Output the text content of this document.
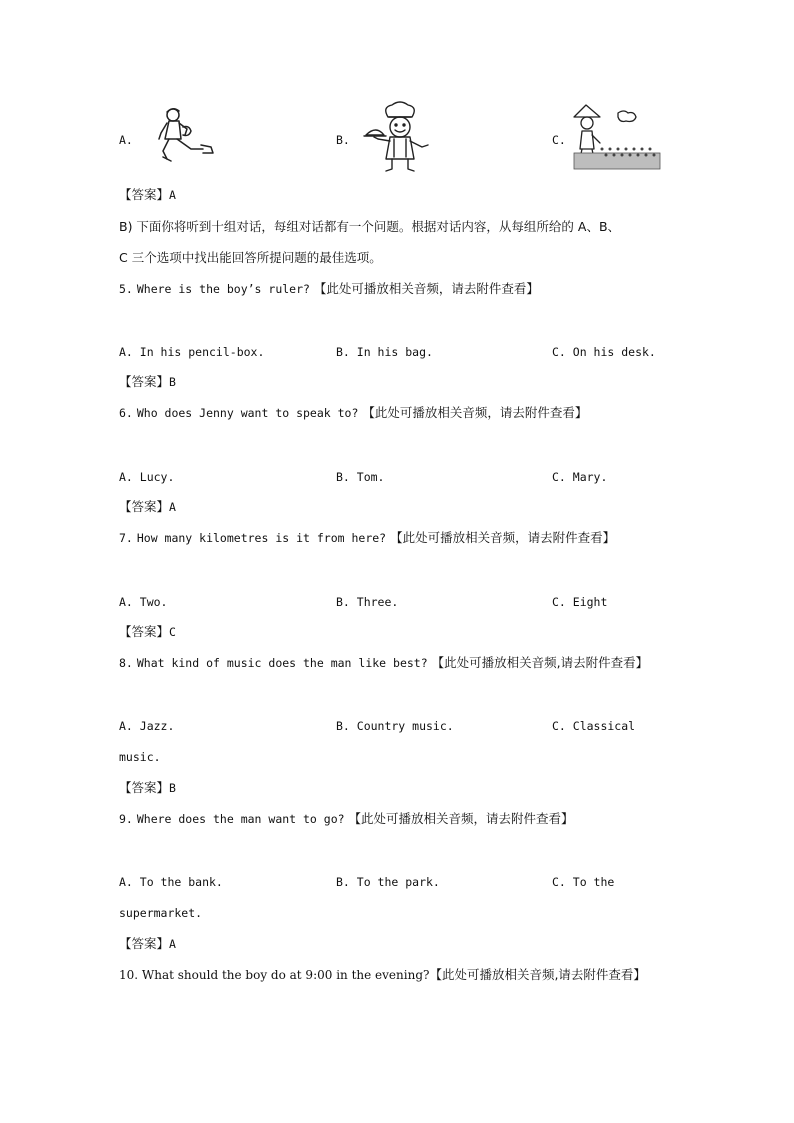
A.	B.	C.
【答案】A
B) 下面你将听到十组对话，每组对话都有一个问题。根据对话内容，从每组所给的 A、B、
C 三个选项中找出能回答所提问题的最佳选项。
5. Where is the boy’s ruler? 【此处可播放相关音频，请去附件查看】
A. In his pencil-box.	B. In his bag.	C. On his desk.
【答案】B
6. Who does Jenny want to speak to? 【此处可播放相关音频，请去附件查看】
A. Lucy.	B. Tom.	C. Mary.
【答案】A
7. How many kilometres is it from here? 【此处可播放相关音频，请去附件查看】
A. Two.	B. Three.	C. Eight
【答案】C
8. What kind of music does the man like best? 【此处可播放相关音频,请去附件查看】
A. Jazz.	B. Country music.	C. Classical
music.
【答案】B
9. Where does the man want to go? 【此处可播放相关音频，请去附件查看】
A. To the bank.	B. To the park.	C. To the
supermarket.
【答案】A
10. What should the boy do at 9:00 in the evening?【此处可播放相关音频,请去附件查看】
